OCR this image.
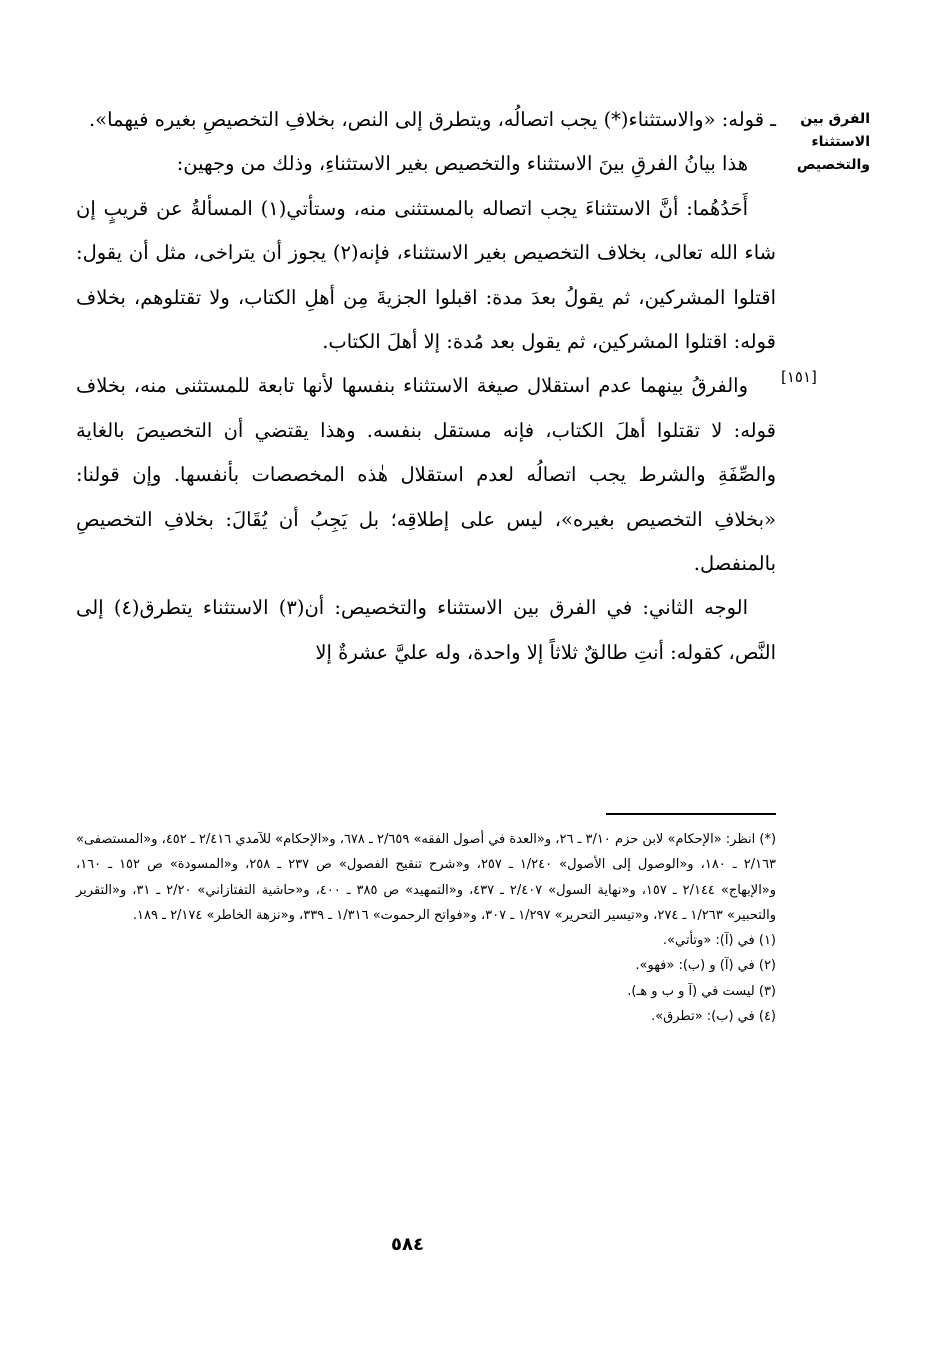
الفرق بين
الاستثناء
والتخصيص
[١٥١]

ـ قوله: «والاستثناء(*) يجب اتصالُه، ويتطرق إلى النص، بخلافِ التخصيصِ بغيره فيهما».

هذا بيانُ الفرقِ بينَ الاستثناء والتخصيص بغير الاستثناءِ، وذلك من وجهين:

أَحَدُهُما: أنَّ الاستثناءَ يجب اتصاله بالمستثنى منه، وستأتي(١) المسألةُ عن قريبٍ إن شاء الله تعالى، بخلاف التخصيص بغير الاستثناء، فإنه(٢) يجوز أن يتراخى، مثل أن يقول: اقتلوا المشركين، ثم يقولُ بعدَ مدة: اقبلوا الجزيةَ مِن أهلِ الكتاب، ولا تقتلوهم، بخلاف قوله: اقتلوا المشركين، ثم يقول بعد مُدة: إلا أهلَ الكتاب.

والفرقُ بينهما عدم استقلال صيغة الاستثناء بنفسها لأنها تابعة للمستثنى منه، بخلاف قوله: لا تقتلوا أهلَ الكتاب، فإنه مستقل بنفسه. وهذا يقتضي أن التخصيصَ بالغاية والصِّفَةِ والشرط يجب اتصالُه لعدم استقلال هٰذه المخصصات بأنفسها. وإن قولنا: «بخلافِ التخصيص بغيره»، ليس على إطلاقِه؛ بل يَجِبُ أن يُقَالَ: بخلافِ التخصيصِ بالمنفصل.

الوجه الثاني: في الفرق بين الاستثناء والتخصيص: أن(٣) الاستثناء يتطرق(٤) إلى النَّص، كقوله: أنتِ طالقٌ ثلاثاً إلا واحدة، وله عليَّ عشرةٌ إلا

(*) انظر: «الإحكام» لابن حزم ٣/١٠ ـ ٢٦، و«العدة في أصول الفقه» ٢/٦٥٩ ـ ٦٧٨، و«الإحكام» للآمدي ٢/٤١٦ ـ ٤٥٢، و«المستصفى» ٢/١٦٣ ـ ١٨٠، و«الوصول إلى الأصول» ١/٢٤٠ ـ ٢٥٧، و«شرح تنقيح الفصول» ص ٢٣٧ ـ ٢٥٨، و«المسودة» ص ١٥٢ ـ ١٦٠، و«الإبهاج» ٢/١٤٤ ـ ١٥٧، و«نهاية السول» ٢/٤٠٧ ـ ٤٣٧، و«التمهيد» ص ٣٨٥ ـ ٤٠٠، و«حاشية التفتازاني» ٢/٢٠ ـ ٣١، و«التقرير والتحبير» ١/٢٦٣ ـ ٢٧٤، و«تيسير التحرير» ١/٢٩٧ ـ ٣٠٧، و«فواتح الرحموت» ١/٣١٦ ـ ٣٣٩، و«نزهة الخاطر» ٢/١٧٤ ـ ١٨٩.

(١) في (آ): «وتأتي».

(٢) في (آ) و (ب): «فهو».

(٣) ليست في (آ و ب و هـ).

(٤) في (ب): «تطرق».

٥٨٤
